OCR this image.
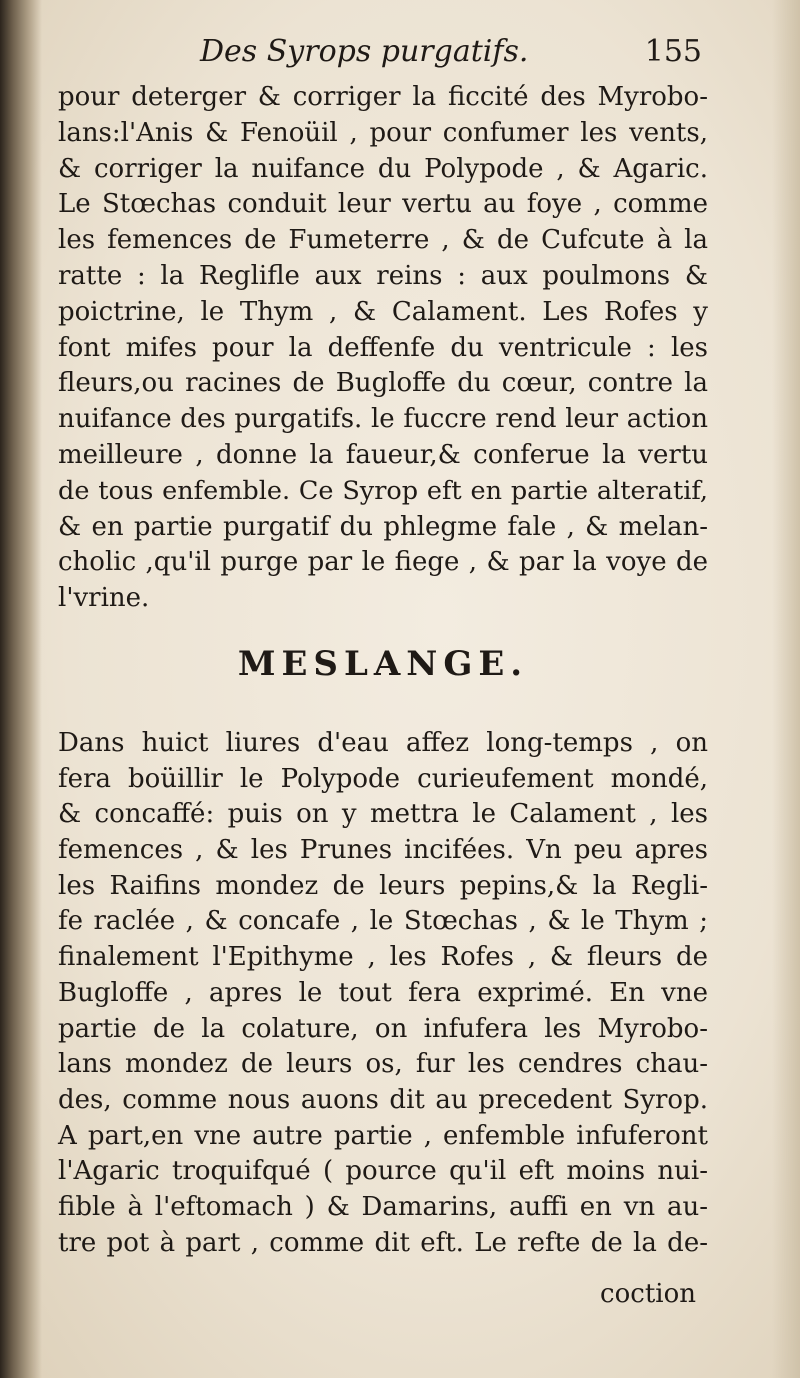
Des Syrops purgatifs.	155
pour deterger & corriger la ficcité des Myrobo-
lans:l'Anis & Fenoüil , pour confumer les vents,
& corriger la nuifance du Polypode , & Agaric.
Le Stœchas conduit leur vertu au foye , comme
les femences de Fumeterre , & de Cufcute à la
ratte : la Reglifle aux reins : aux poulmons &
poictrine, le Thym , & Calament. Les Rofes y
font mifes pour la deffenfe du ventricule : les
fleurs,ou racines de Bugloffe du cœur, contre la
nuifance des purgatifs. le fuccre rend leur action
meilleure , donne la faueur,& conferue la vertu
de tous enfemble. Ce Syrop eft en partie alteratif,
& en partie purgatif du phlegme fale , & melan-
cholic ,qu'il purge par le fiege , & par la voye de
l'vrine.
MESLANGE.
Dans huict liures d'eau affez long-temps , on
fera boüillir le Polypode curieufement mondé,
& concaffé: puis on y mettra le Calament , les
femences , & les Prunes incifées. Vn peu apres
les Raifins mondez de leurs pepins,& la Regli-
fe raclée , & concafe , le Stœchas , & le Thym ;
finalement l'Epithyme , les Rofes , & fleurs de
Bugloffe , apres le tout fera exprimé. En vne
partie de la colature, on infufera les Myrobo-
lans mondez de leurs os, fur les cendres chau-
des, comme nous auons dit au precedent Syrop.
A part,en vne autre partie , enfemble infuferont
l'Agaric troquifqué ( pource qu'il eft moins nui-
fible à l'eftomach ) & Damarins, auffi en vn au-
tre pot à part , comme dit eft. Le refte de la de-
coction
